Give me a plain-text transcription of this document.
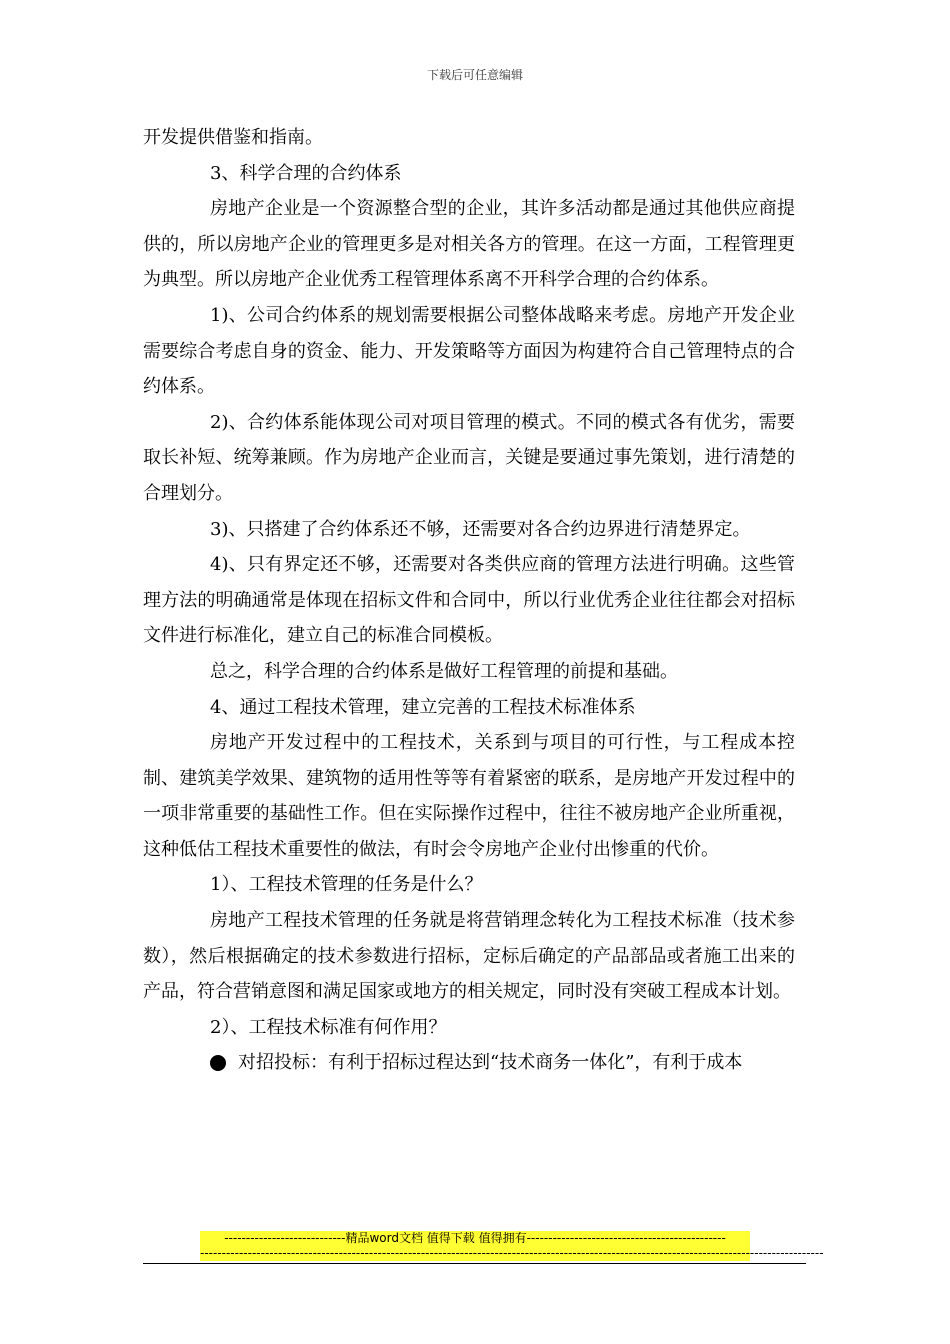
下载后可任意编辑

开发提供借鉴和指南。

3、科学合理的合约体系

房地产企业是一个资源整合型的企业，其许多活动都是通过其他供应商提供的，所以房地产企业的管理更多是对相关各方的管理。在这一方面，工程管理更为典型。所以房地产企业优秀工程管理体系离不开科学合理的合约体系。

1)、公司合约体系的规划需要根据公司整体战略来考虑。房地产开发企业需要综合考虑自身的资金、能力、开发策略等方面因为构建符合自己管理特点的合约体系。

2)、合约体系能体现公司对项目管理的模式。不同的模式各有优劣，需要取长补短、统筹兼顾。作为房地产企业而言，关键是要通过事先策划，进行清楚的合理划分。

3)、只搭建了合约体系还不够，还需要对各合约边界进行清楚界定。

4)、只有界定还不够，还需要对各类供应商的管理方法进行明确。这些管理方法的明确通常是体现在招标文件和合同中，所以行业优秀企业往往都会对招标文件进行标准化，建立自己的标准合同模板。

总之，科学合理的合约体系是做好工程管理的前提和基础。

4、通过工程技术管理，建立完善的工程技术标准体系

房地产开发过程中的工程技术，关系到与项目的可行性，与工程成本控制、建筑美学效果、建筑物的适用性等等有着紧密的联系，是房地产开发过程中的一项非常重要的基础性工作。但在实际操作过程中，往往不被房地产企业所重视，这种低估工程技术重要性的做法，有时会令房地产企业付出惨重的代价。

1）、工程技术管理的任务是什么？

房地产工程技术管理的任务就是将营销理念转化为工程技术标准（技术参数），然后根据确定的技术参数进行招标，定标后确定的产品部品或者施工出来的产品，符合营销意图和满足国家或地方的相关规定，同时没有突破工程成本计划。

2）、工程技术标准有何作用？

对招投标：有利于招标过程达到“技术商务一体化”，有利于成本
----------------------------精品word文档 值得下载 值得拥有----------------------------------------------
------------------------------------------------------------------------------------------------------------------------------------------------
